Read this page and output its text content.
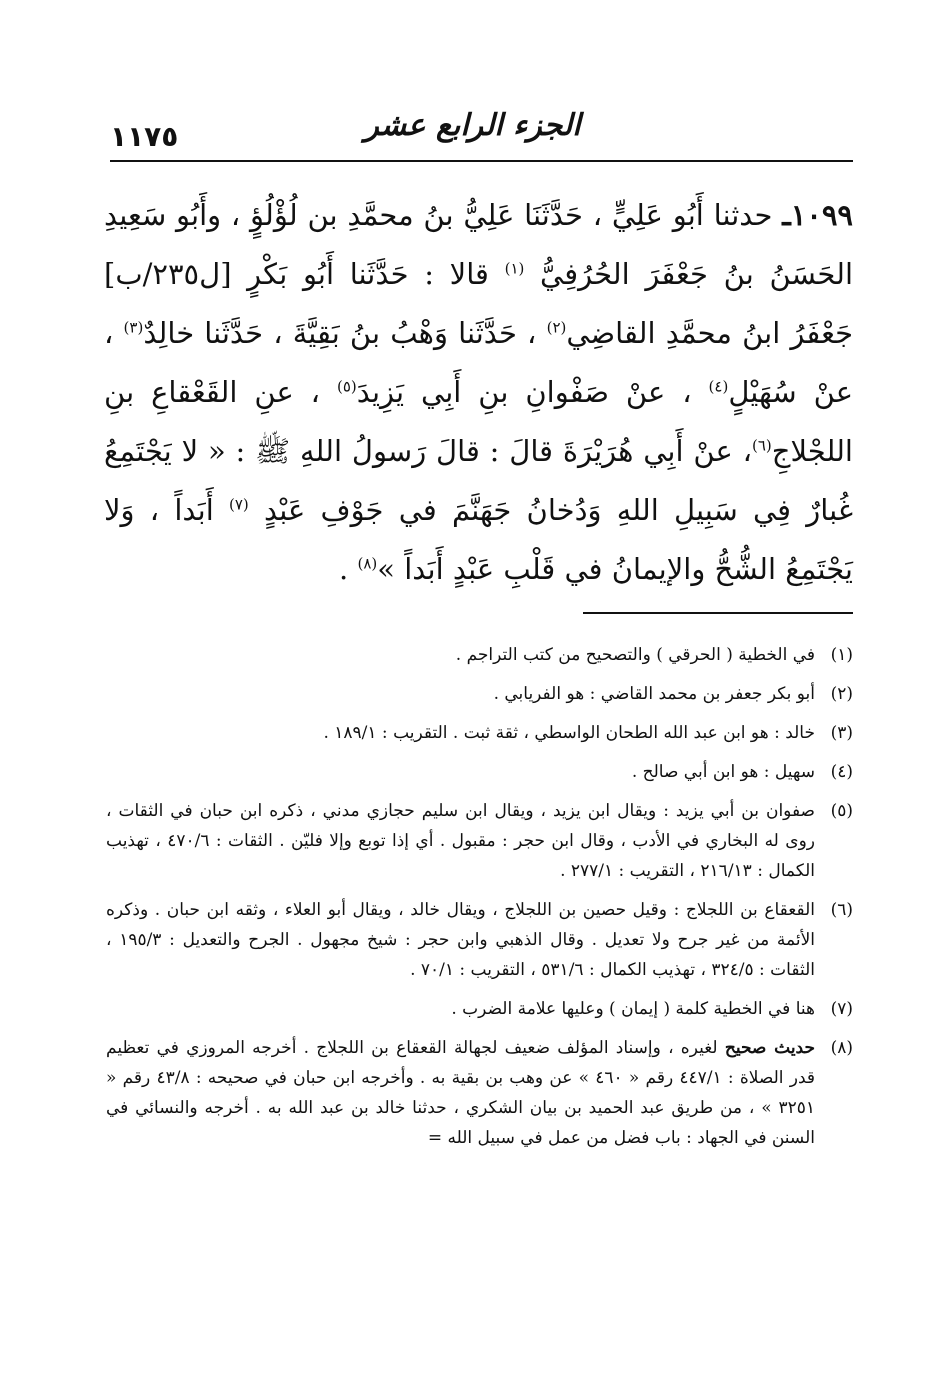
الجزء الرابع عشر
١١٧٥
١٠٩٩ـ حدثنا أَبُو عَلِيٍّ ، حَدَّثَنَا عَلِيُّ بنُ محمَّدِ بن لُؤْلُؤٍ ، وأَبُو سَعِيدِ الحَسَنُ بنُ جَعْفَرَ الحُرُفِيُّ $^{(١)}$ قالا : حَدَّثَنا أَبُو بَكْرٍ [ل٢٣٥/ب] جَعْفَرُ ابنُ محمَّدِ القاضِي$^{(٢)}$ ، حَدَّثَنا وَهْبُ بنُ بَقِيَّةَ ، حَدَّثَنا خالِدٌ$^{(٣)}$ ، عنْ سُهَيْلٍ$^{(٤)}$ ، عنْ صَفْوانِ بنِ أَبِي يَزِيدَ$^{(٥)}$ ، عنِ القَعْقاعِ بنِ اللجْلاجِ$^{(٦)}$، عنْ أَبِي هُرَيْرَةَ قالَ : قالَ رَسولُ اللهِ ﷺ : « لا يَجْتَمِعُ غُبارٌ فِي سَبِيلِ اللهِ وَدُخانُ جَهَنَّمَ في جَوْفِ عَبْدٍ $^{(٧)}$ أَبَداً ، وَلا يَجْتَمِعُ الشُّحُّ والإيمانُ في قَلْبِ عَبْدٍ أَبَداً »$^{(٨)}$ .
(١)
في الخطية ( الحرقي ) والتصحيح من كتب التراجم .
(٢)
أبو بكر جعفر بن محمد القاضي : هو الفريابي .
(٣)
خالد : هو ابن عبد الله الطحان الواسطي ، ثقة ثبت . التقريب : ١٨٩/١ .
(٤)
سهيل : هو ابن أبي صالح .
(٥)
صفوان بن أبي يزيد : ويقال ابن يزيد ، ويقال ابن سليم حجازي مدني ، ذكره ابن حبان في الثقات ، روى له البخاري في الأدب ، وقال ابن حجر : مقبول . أي إذا توبع وإلا فليّن . الثقات : ٤٧٠/٦ ، تهذيب الكمال : ٢١٦/١٣ ، التقريب : ٢٧٧/١ .
(٦)
القعقاع بن اللجلاج : وقيل حصين بن اللجلاج ، ويقال خالد ، ويقال أبو العلاء ، وثقه ابن حبان . وذكره الأئمة من غير جرح ولا تعديل . وقال الذهبي وابن حجر : شيخ مجهول . الجرح والتعديل : ١٩٥/٣ ، الثقات : ٣٢٤/٥ ، تهذيب الكمال : ٥٣١/٦ ، التقريب : ٧٠/١ .
(٧)
هنا في الخطية كلمة ( إيمان ) وعليها علامة الضرب .
(٨)
حديث صحيح لغيره ، وإسناد المؤلف ضعيف لجهالة القعقاع بن اللجلاج . أخرجه المروزي في تعظيم قدر الصلاة : ٤٤٧/١ رقم « ٤٦٠ » عن وهب بن بقية به . وأخرجه ابن حبان في صحيحه : ٤٣/٨ رقم « ٣٢٥١ » ، من طريق عبد الحميد بن بيان الشكري ، حدثنا خالد بن عبد الله به . أخرجه والنسائي في السنن في الجهاد : باب فضل من عمل في سبيل الله =
